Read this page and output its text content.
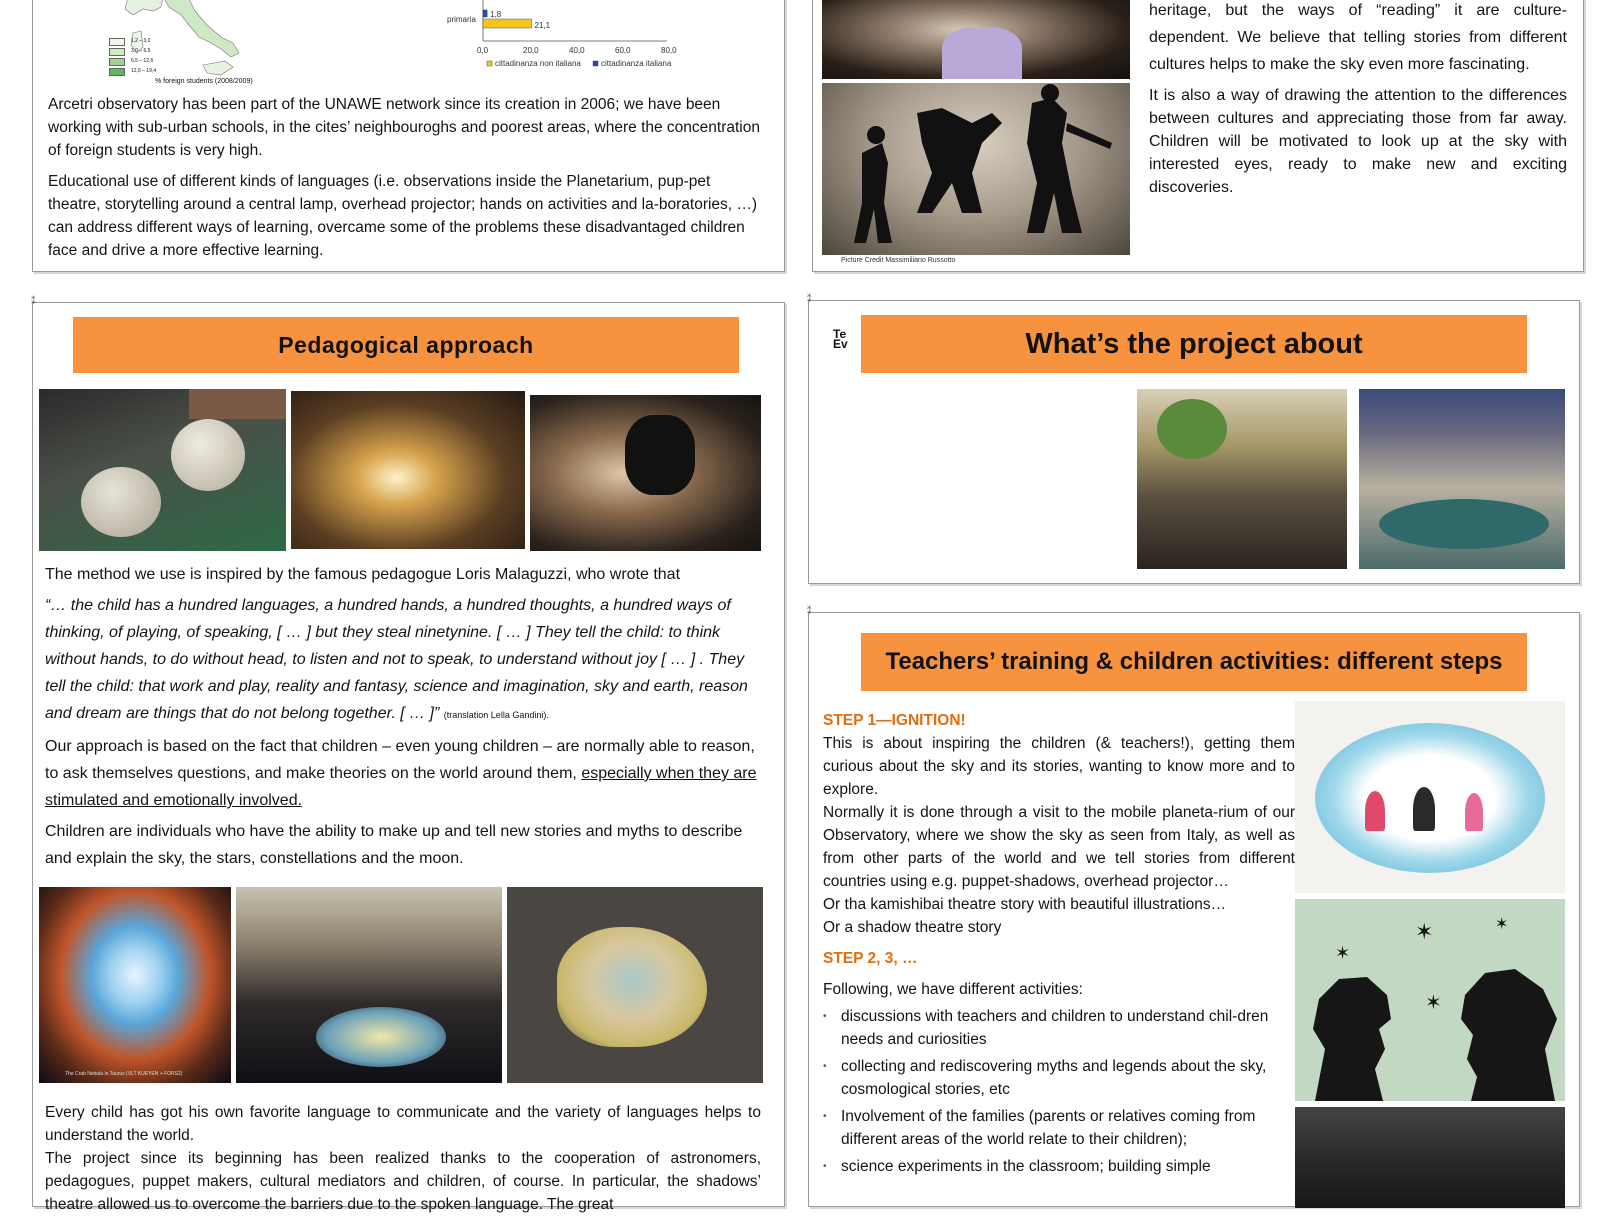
1,2 – 3,0
3,0 – 6,5
6,5 – 12,6
12,6 – 19,4
% foreign students (2008/2009)
1,8
21,1
primaria
0,0	20,0	40,0	60,0	80,0
cittadinanza non italiana	cittadinanza italiana

Arcetri observatory has been part of the UNAWE network since its creation in 2006; we have been working with sub-urban schools, in the cites’ neighbouroghs and poorest areas, where the concentration of foreign students is very high.

Educational use of different kinds of languages (i.e. observations inside the Planetarium, pup-pet theatre, storytelling around a central lamp, overhead projector; hands on activities and la-boratories, …) can address different ways of learning, overcame some of the problems these disadvantaged children face and drive a more effective learning.

Picture Credit Massimiliano Russotto

heritage, but the ways of “reading” it are culture-dependent. We believe that telling stories from different cultures helps to make the sky even more fascinating.

It is also a way of drawing the attention to the differences between cultures and appreciating those from far away. Children will be motivated to look up at the sky with interested eyes, ready to make new and exciting discoveries.

⁑
Pedagogical approach

The method we use is inspired by the famous pedagogue Loris Malaguzzi, who wrote that

“… the child has a hundred languages, a hundred hands, a hundred thoughts, a hundred ways of thinking, of playing, of speaking, [ … ] but they steal ninetynine. [ … ] They tell the child: to think without hands, to do without head, to listen and not to speak, to understand without joy [ … ] . They tell the child: that work and play, reality and fantasy, science and imagination, sky and earth, reason and dream are things that do not belong together. [ … ]” (translation Lella Gandini).

Our approach is based on the fact that children – even young children – are normally able to reason, to ask themselves questions, and make theories on the world around them, especially when they are stimulated and emotionally involved.

Children are individuals who have the ability to make up and tell new stories and myths to describe and explain the sky, the stars, constellations and the moon.

The Crab Nebula in Taurus (VLT KUEYEN + FORS2)
Every child has got his own favorite language to communicate and the variety of languages helps to understand the world.
The project since its beginning has been realized thanks to the cooperation of astronomers, pedagogues, puppet makers, cultural mediators and children, of course. In particular, the shadows’ theatre allowed us to overcome the barriers due to the spoken language. The great
⁑
Te Ev	What’s the project about
⁑
Teachers’ training & children activities: different steps
STEP 1—IGNITION!
This is about inspiring the children (& teachers!), getting them curious about the sky and its stories, wanting to know more and to explore.
Normally it is done through a visit to the mobile planeta-rium of our Observatory, where we show the sky as seen from Italy, as well as from other parts of the world and we tell stories from different countries using e.g. puppet-shadows, overhead projector…
Or tha kamishibai theatre story with beautiful illustrations…
Or a shadow theatre story
STEP 2, 3, …
Following, we have different activities:
• discussions with teachers and children to understand chil-dren needs and curiosities
• collecting and rediscovering myths and legends about the sky, cosmological stories, etc
• Involvement of the families (parents or relatives coming from different areas of the world relate to their children);
• science experiments in the classroom; building simple
✶
✶
✶
✶
